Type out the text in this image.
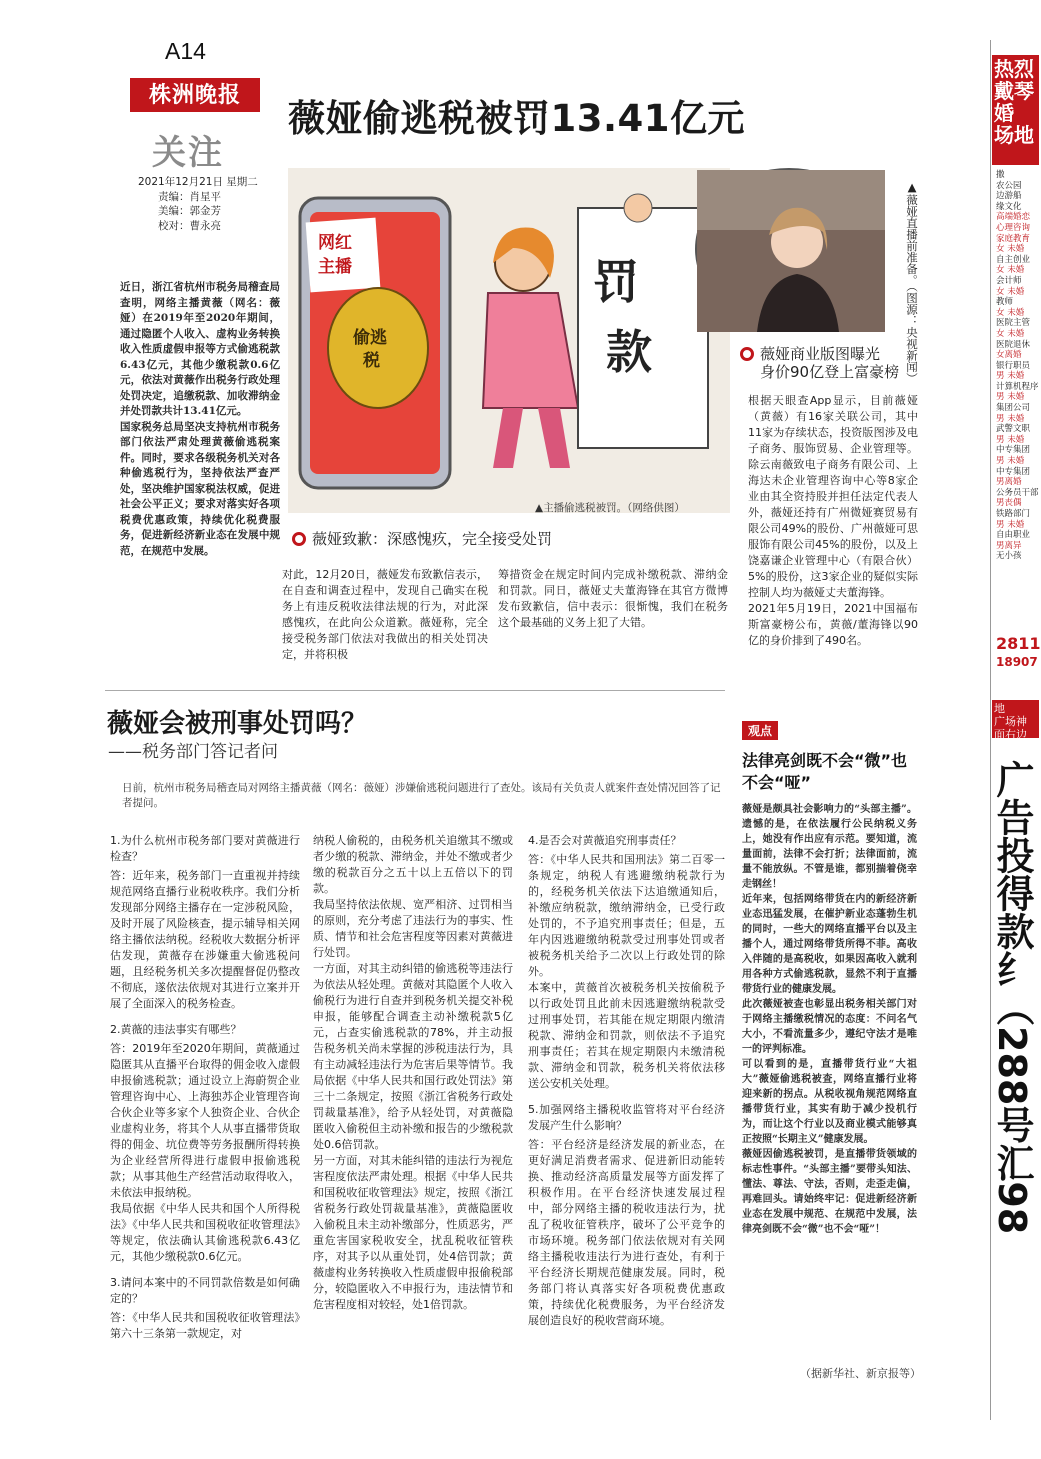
A14
株洲晚报
关注
2021年12月21日 星期二
责编：肖星平
美编：郭金芳
校对：曹永亮
薇娅偷逃税被罚13.41亿元
网红
主播
偷逃
税
罚
款	▲薇娅直播前准备。（图源：央视新闻）
▲主播偷逃税被罚。（网络供图）
近日，浙江省杭州市税务局稽查局查明，网络主播黄薇（网名：薇娅）在2019年至2020年期间，通过隐匿个人收入、虚构业务转换收入性质虚假申报等方式偷逃税款6.43亿元，其他少缴税款0.6亿元，依法对黄薇作出税务行政处理处罚决定，追缴税款、加收滞纳金并处罚款共计13.41亿元。
国家税务总局坚决支持杭州市税务部门依法严肃处理黄薇偷逃税案件。同时，要求各级税务机关对各种偷逃税行为，坚持依法严查严处，坚决维护国家税法权威，促进社会公平正义；要求对落实好各项税费优惠政策，持续优化税费服务，促进新经济新业态在发展中规范，在规范中发展。
薇娅致歉：深感愧疚，完全接受处罚
对此，12月20日，薇娅发布致歉信表示，在自查和调查过程中，发现自己确实在税务上有违反税收法律法规的行为，对此深感愧疚，在此向公众道歉。薇娅称，完全接受税务部门依法对我做出的相关处罚决定，并将积极
筹措资金在规定时间内完成补缴税款、滞纳金和罚款。同日，薇娅丈夫董海锋在其官方微博发布致歉信，信中表示：很惭愧，我们在税务这个最基础的义务上犯了大错。
薇娅商业版图曝光
身价90亿登上富豪榜
根据天眼查App显示，目前薇娅（黄薇）有16家关联公司，其中11家为存续状态，投资版图涉及电子商务、服饰贸易、企业管理等。除云南薇致电子商务有限公司、上海达未企业管理咨询中心等8家企业由其全资持股并担任法定代表人外，薇娅还持有广州微娅赛贸易有限公司49%的股份、广州薇娅可思服饰有限公司45%的股份，以及上饶嘉谦企业管理中心（有限合伙）5%的股份，这3家企业的疑似实际控制人均为薇娅丈夫董海锋。
2021年5月19日，2021中国福布斯富豪榜公布，黄薇/董海锋以90亿的身价排到了490名。
薇娅会被刑事处罚吗？
——税务部门答记者问
日前，杭州市税务局稽查局对网络主播黄薇（网名：薇娅）涉嫌偷逃税问题进行了查处。该局有关负责人就案件查处情况回答了记者提问。
1.为什么杭州市税务部门要对黄薇进行检查？
答：近年来，税务部门一直重视并持续规范网络直播行业税收秩序。我们分析发现部分网络主播存在一定涉税风险，及时开展了风险核查，提示辅导相关网络主播依法纳税。经税收大数据分析评估发现，黄薇存在涉嫌重大偷逃税问题，且经税务机关多次提醒督促仍整改不彻底，遂依法依规对其进行立案并开展了全面深入的税务检查。
2.黄薇的违法事实有哪些？
答：2019年至2020年期间，黄薇通过隐匿其从直播平台取得的佣金收入虚假申报偷逃税款；通过设立上海蔚贺企业管理咨询中心、上海独苏企业管理咨询合伙企业等多家个人独资企业、合伙企业虚构业务，将其个人从事直播带货取得的佣金、坑位费等劳务报酬所得转换为企业经营所得进行虚假申报偷逃税款；从事其他生产经营活动取得收入，未依法申报纳税。
我局依据《中华人民共和国个人所得税法》《中华人民共和国税收征收管理法》等规定，依法确认其偷逃税款6.43亿元，其他少缴税款0.6亿元。
3.请问本案中的不同罚款倍数是如何确定的？
答：《中华人民共和国税收征收管理法》第六十三条第一款规定，对
纳税人偷税的，由税务机关追缴其不缴或者少缴的税款、滞纳金，并处不缴或者少缴的税款百分之五十以上五倍以下的罚款。
我局坚持依法依规、宽严相济、过罚相当的原则，充分考虑了违法行为的事实、性质、情节和社会危害程度等因素对黄薇进行处罚。
一方面，对其主动纠错的偷逃税等违法行为依法从轻处理。黄薇对其隐匿个人收入偷税行为进行自查并到税务机关提交补税申报，能够配合调查主动补缴税款5亿元，占查实偷逃税款的78%，并主动报告税务机关尚未掌握的涉税违法行为，具有主动减轻违法行为危害后果等情节。我局依据《中华人民共和国行政处罚法》第三十二条规定，按照《浙江省税务行政处罚裁量基准》，给予从轻处罚，对黄薇隐匿收入偷税但主动补缴和报告的少缴税款处0.6倍罚款。
另一方面，对其未能纠错的违法行为视危害程度依法严肃处理。根据《中华人民共和国税收征收管理法》规定，按照《浙江省税务行政处罚裁量基准》，黄薇隐匿收入偷税且未主动补缴部分，性质恶劣，严重危害国家税收安全，扰乱税收征管秩序，对其予以从重处罚，处4倍罚款；黄薇虚构业务转换收入性质虚假申报偷税部分，较隐匿收入不申报行为，违法情节和危害程度相对较轻，处1倍罚款。
4.是否会对黄薇追究刑事责任？
答：《中华人民共和国刑法》第二百零一条规定，纳税人有逃避缴纳税款行为的，经税务机关依法下达追缴通知后，补缴应纳税款，缴纳滞纳金，已受行政处罚的，不予追究刑事责任；但是，五年内因逃避缴纳税款受过刑事处罚或者被税务机关给予二次以上行政处罚的除外。
本案中，黄薇首次被税务机关按偷税予以行政处罚且此前未因逃避缴纳税款受过刑事处罚，若其能在规定期限内缴清税款、滞纳金和罚款，则依法不予追究刑事责任；若其在规定期限内未缴清税款、滞纳金和罚款，税务机关将依法移送公安机关处理。
5.加强网络主播税收监管将对平台经济发展产生什么影响？
答：平台经济是经济发展的新业态，在更好满足消费者需求、促进新旧动能转换、推动经济高质量发展等方面发挥了积极作用。在平台经济快速发展过程中，部分网络主播的税收违法行为，扰乱了税收征管秩序，破坏了公平竞争的市场环境。税务部门依法依规对有关网络主播税收违法行为进行查处，有利于平台经济长期规范健康发展。同时，税务部门将认真落实好各项税费优惠政策，持续优化税费服务，为平台经济发展创造良好的税收营商环境。
观点
法律亮剑既不会“微”也不会“哑”
薇娅是颇具社会影响力的“头部主播”。遗憾的是，在依法履行公民纳税义务上，她没有作出应有示范。要知道，流量面前，法律不会打折；法律面前，流量不能放纵。不管是谁，都别揣着侥幸走钢丝！
近年来，包括网络带货在内的新经济新业态迅猛发展，在催护新业态蓬勃生机的同时，一些大的网络直播平台以及主播个人，通过网络带货所得不菲。高收入伴随的是高税收，如果因高收入就利用各种方式偷逃税款，显然不利于直播带货行业的健康发展。
此次薇娅被查也彰显出税务相关部门对于网络主播缴税情况的态度：不问名气大小，不看流量多少，遵纪守法才是唯一的评判标准。
可以看到的是，直播带货行业“大祖大”薇娅偷逃税被查，网络直播行业将迎来新的拐点。从税收视角规范网络直播带货行业，其实有助于减少投机行为，而让这个行业以及商业模式能够真正按照“长期主义”健康发展。
薇娅因偷逃税被罚，是直播带货领域的标志性事件。“头部主播”要带头知法、懂法、尊法、守法，否则，走歪走偏，再难回头。请始终牢记：促进新经济新业态在发展中规范、在规范中发展，法律亮剑既不会“微”也不会“哑”！
（据新华社、新京报等）
热烈
戴琴
婚
场地
撒
农公园
边游船
缘文化
高端婚恋
心理咨询
家庭教育
女 未婚
自主创业
女 未婚
会计师
女 未婚
教师
女 未婚
医院主管
女 未婚
医院退休
女离婚
银行职员
男 未婚
计算机程序
男 未婚
集团公司
男 未婚
武警文职
男 未婚
中专集团
男 未婚
中专集团
男离婚
公务员干部
男丧偶
铁路部门
男 未婚
自由职业
男离异
无小孩
2811
18907
地
广场神
面右边
广告投得款纟（288号汇98
